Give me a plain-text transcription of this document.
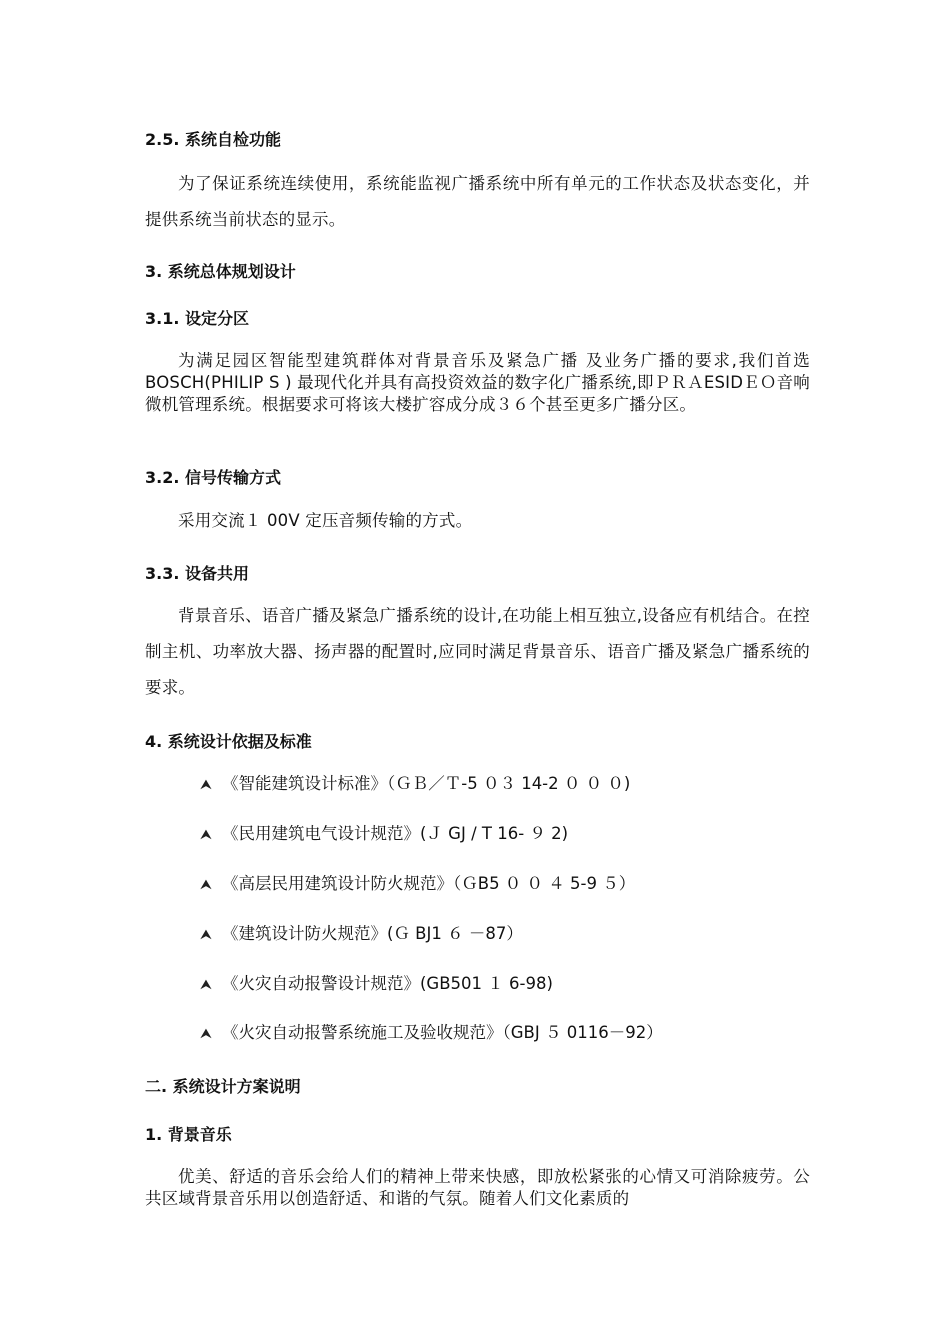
2.5. 系统自检功能

为了保证系统连续使用，系统能监视广播系统中所有单元的工作状态及状态变化，并提供系统当前状态的显示。

3. 系统总体规划设计
3.1. 设定分区

为满足园区智能型建筑群体对背景音乐及紧急广播 及业务广播的要求,我们首选BOSCH(PHILIP S ) 最现代化并具有高投资效益的数字化广播系统,即ＰＲＡESIDＥＯ音响微机管理系统。根据要求可将该大楼扩容成分成３６个甚至更多广播分区。

3.2. 信号传输方式

采用交流１ 00V 定压音频传输的方式。

3.3. 设备共用

背景音乐、语音广播及紧急广播系统的设计,在功能上相互独立,设备应有机结合。在控制主机、功率放大器、扬声器的配置时,应同时满足背景音乐、语音广播及紧急广播系统的要求。

4. 系统设计依据及标准
⮝ 《智能建筑设计标准》（ＧＢ／Ｔ-5 ０３ 14-2 ０ ０ ０)
⮝ 《民用建筑电气设计规范》(Ｊ GJ / T 16- ９ 2)
⮝ 《高层民用建筑设计防火规范》（ＧB5 ０ ０ ４ 5-9 ５）
⮝ 《建筑设计防火规范》(Ｇ BJ1 ６ －87）
⮝ 《火灾自动报警设计规范》(GB501 １ 6-98)
⮝ 《火灾自动报警系统施工及验收规范》（GBJ ５ 0116－92）
二. 系统设计方案说明
1. 背景音乐

优美、舒适的音乐会给人们的精神上带来快感，即放松紧张的心情又可消除疲劳。公共区域背景音乐用以创造舒适、和谐的气氛。随着人们文化素质的
